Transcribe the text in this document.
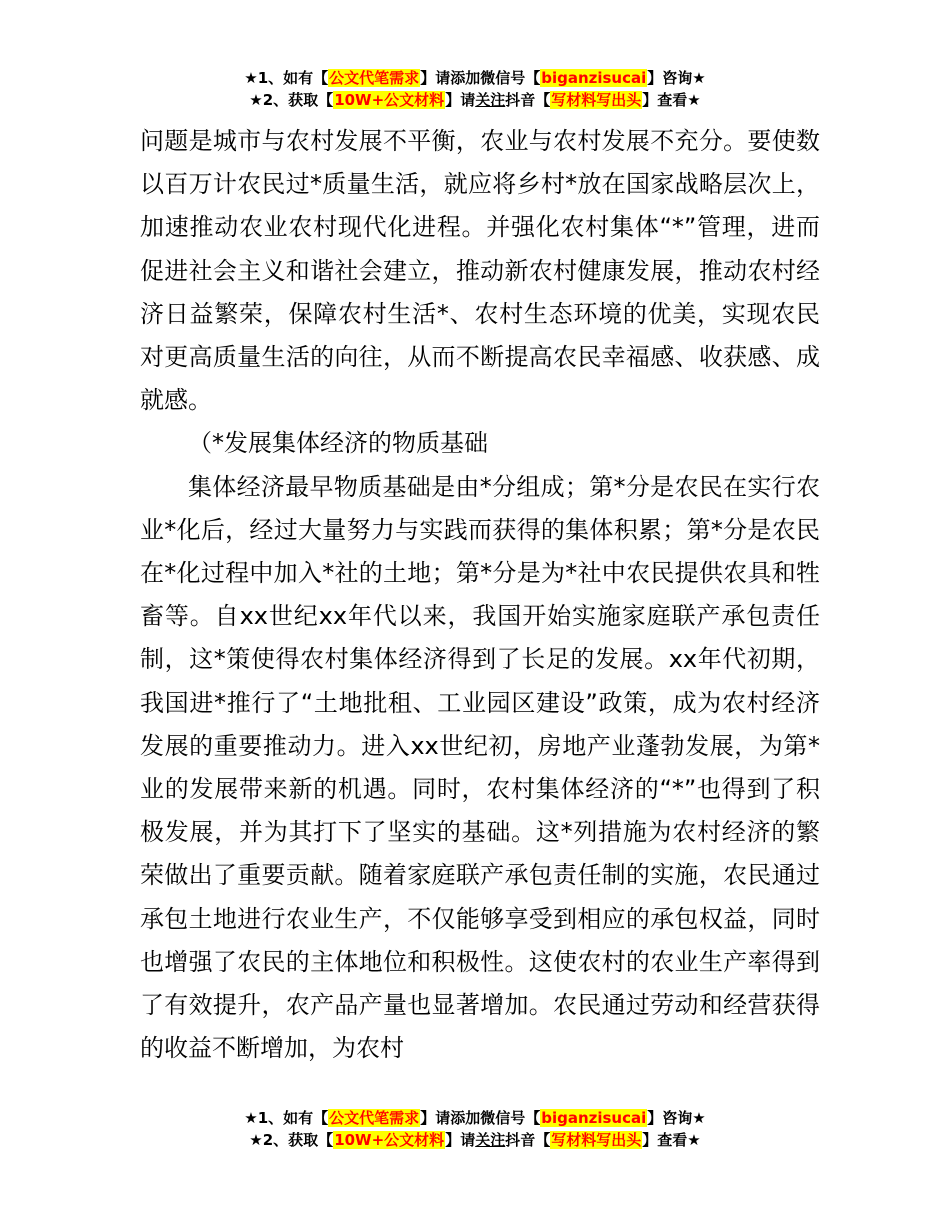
★1、如有【公文代笔需求】请添加微信号【biganzisucai】咨询★
★2、获取【10W+公文材料】请关注抖音【写材料写出头】查看★

问题是城市与农村发展不平衡，农业与农村发展不充分。要使数以百万计农民过*质量生活，就应将乡村*放在国家战略层次上，加速推动农业农村现代化进程。并强化农村集体“*”管理，进而促进社会主义和谐社会建立，推动新农村健康发展，推动农村经济日益繁荣，保障农村生活*、农村生态环境的优美，实现农民对更高质量生活的向往，从而不断提高农民幸福感、收获感、成就感。

（*发展集体经济的物质基础

集体经济最早物质基础是由*分组成；第*分是农民在实行农业*化后，经过大量努力与实践而获得的集体积累；第*分是农民在*化过程中加入*社的土地；第*分是为*社中农民提供农具和牲畜等。自xx世纪xx年代以来，我国开始实施家庭联产承包责任制，这*策使得农村集体经济得到了长足的发展。xx年代初期，我国进*推行了“土地批租、工业园区建设”政策，成为农村经济发展的重要推动力。进入xx世纪初，房地产业蓬勃发展，为第*业的发展带来新的机遇。同时，农村集体经济的“*”也得到了积极发展，并为其打下了坚实的基础。这*列措施为农村经济的繁荣做出了重要贡献。随着家庭联产承包责任制的实施，农民通过承包土地进行农业生产，不仅能够享受到相应的承包权益，同时也增强了农民的主体地位和积极性。这使农村的农业生产率得到了有效提升，农产品产量也显著增加。农民通过劳动和经营获得的收益不断增加，为农村

★1、如有【公文代笔需求】请添加微信号【biganzisucai】咨询★
★2、获取【10W+公文材料】请关注抖音【写材料写出头】查看★
